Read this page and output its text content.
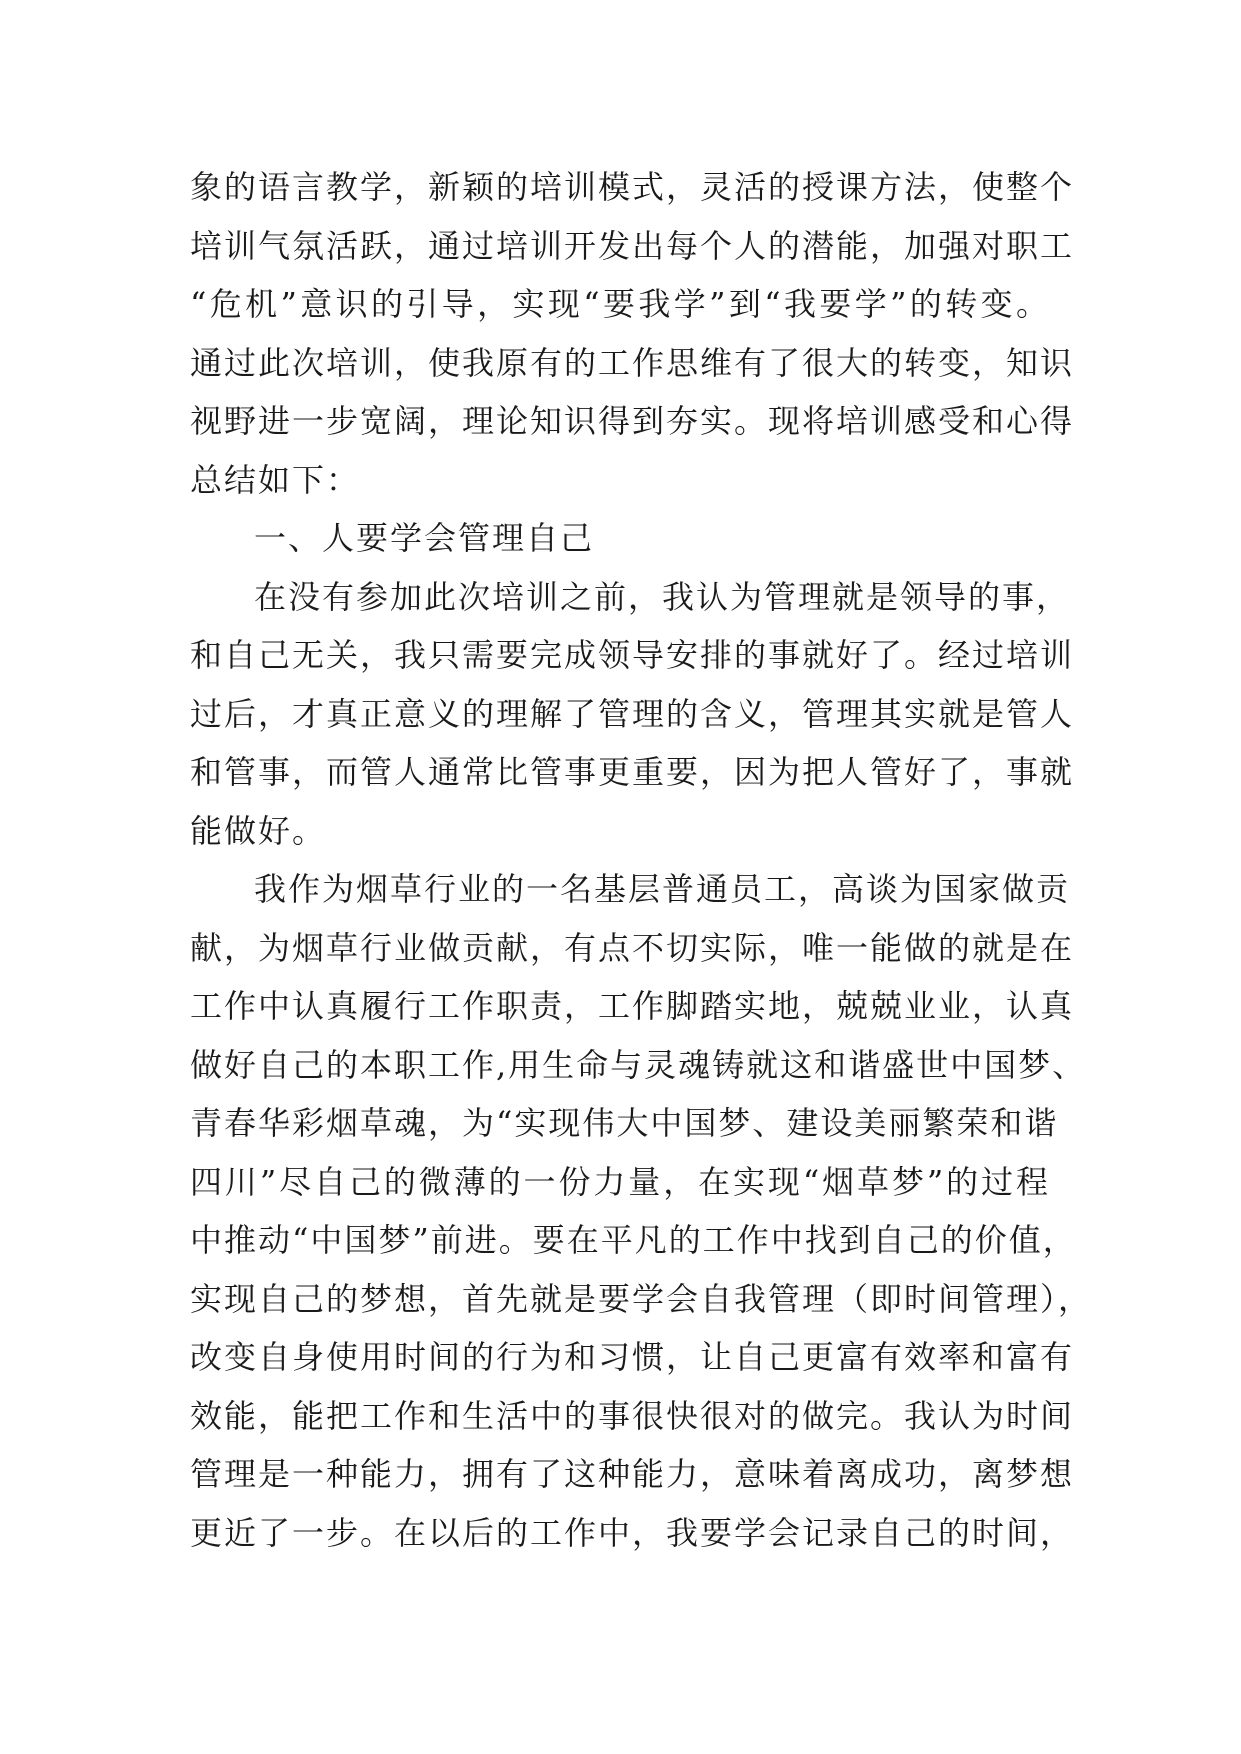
象的语言教学，新颖的培训模式，灵活的授课方法，使整个
培训气氛活跃，通过培训开发出每个人的潜能，加强对职工
“危机”意识的引导，实现“要我学”到“我要学”的转变。
通过此次培训，使我原有的工作思维有了很大的转变，知识
视野进一步宽阔，理论知识得到夯实。现将培训感受和心得
总结如下：
一、人要学会管理自己
在没有参加此次培训之前，我认为管理就是领导的事，
和自己无关，我只需要完成领导安排的事就好了。经过培训
过后，才真正意义的理解了管理的含义，管理其实就是管人
和管事，而管人通常比管事更重要，因为把人管好了，事就
能做好。
我作为烟草行业的一名基层普通员工，高谈为国家做贡
献，为烟草行业做贡献，有点不切实际，唯一能做的就是在
工作中认真履行工作职责，工作脚踏实地，兢兢业业，认真
做好自己的本职工作,用生命与灵魂铸就这和谐盛世中国梦、
青春华彩烟草魂，为“实现伟大中国梦、建设美丽繁荣和谐
四川”尽自己的微薄的一份力量，在实现“烟草梦”的过程
中推动“中国梦”前进。要在平凡的工作中找到自己的价值，
实现自己的梦想，首先就是要学会自我管理（即时间管理），
改变自身使用时间的行为和习惯，让自己更富有效率和富有
效能，能把工作和生活中的事很快很对的做完。我认为时间
管理是一种能力，拥有了这种能力，意味着离成功，离梦想
更近了一步。在以后的工作中，我要学会记录自己的时间，
